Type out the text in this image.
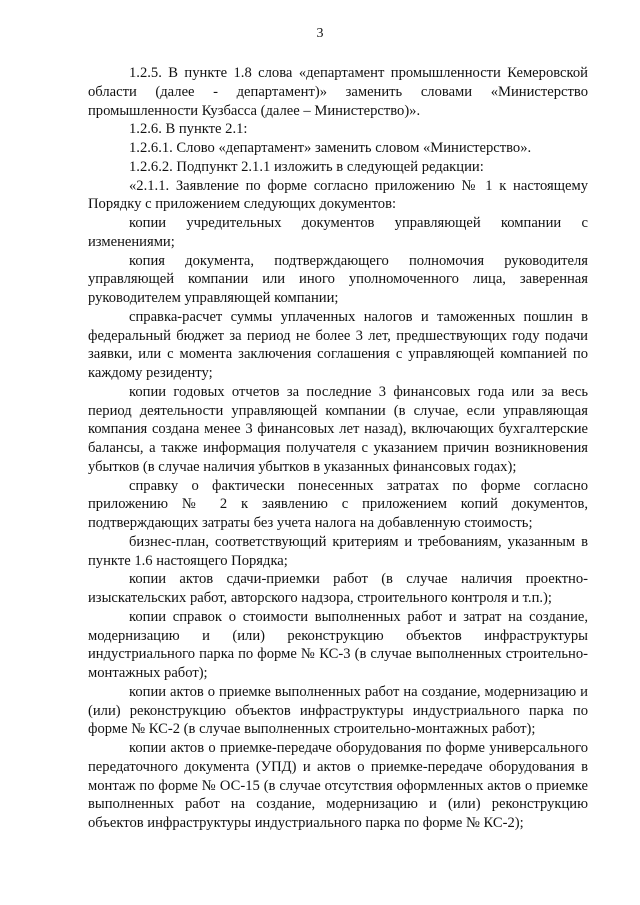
3

1.2.5. В пункте 1.8 слова «департамент промышленности Кемеровской области (далее - департамент)» заменить словами «Министерство промышленности Кузбасса (далее – Министерство)».

1.2.6. В пункте 2.1:

1.2.6.1. Слово «департамент» заменить словом «Министерство».

1.2.6.2. Подпункт 2.1.1 изложить в следующей редакции:

«2.1.1. Заявление по форме согласно приложению № 1 к настоящему Порядку с приложением следующих документов:

копии учредительных документов управляющей компании с изменениями;

копия документа, подтверждающего полномочия руководителя управляющей компании или иного уполномоченного лица, заверенная руководителем управляющей компании;

справка-расчет суммы уплаченных налогов и таможенных пошлин в федеральный бюджет за период не более 3 лет, предшествующих году подачи заявки, или с момента заключения соглашения с управляющей компанией по каждому резиденту;

копии годовых отчетов за последние 3 финансовых года или за весь период деятельности управляющей компании (в случае, если управляющая компания создана менее 3 финансовых лет назад), включающих бухгалтерские балансы, а также информация получателя с указанием причин возникновения убытков (в случае наличия убытков в указанных финансовых годах);

справку о фактически понесенных затратах по форме согласно приложению № 2 к заявлению с приложением копий документов, подтверждающих затраты без учета налога на добавленную стоимость;

бизнес-план, соответствующий критериям и требованиям, указанным в пункте 1.6 настоящего Порядка;

копии актов сдачи-приемки работ (в случае наличия проектно-изыскательских работ, авторского надзора, строительного контроля и т.п.);

копии справок о стоимости выполненных работ и затрат на создание, модернизацию и (или) реконструкцию объектов инфраструктуры индустриального парка по форме № КС-3 (в случае выполненных строительно-монтажных работ);

копии актов о приемке выполненных работ на создание, модернизацию и (или) реконструкцию объектов инфраструктуры индустриального парка по форме № КС-2 (в случае выполненных строительно-монтажных работ);

копии актов о приемке-передаче оборудования по форме универсального передаточного документа (УПД) и актов о приемке-передаче оборудования в монтаж по форме № ОС-15 (в случае отсутствия оформленных актов о приемке выполненных работ на создание, модернизацию и (или) реконструкцию объектов инфраструктуры индустриального парка по форме № КС-2);
